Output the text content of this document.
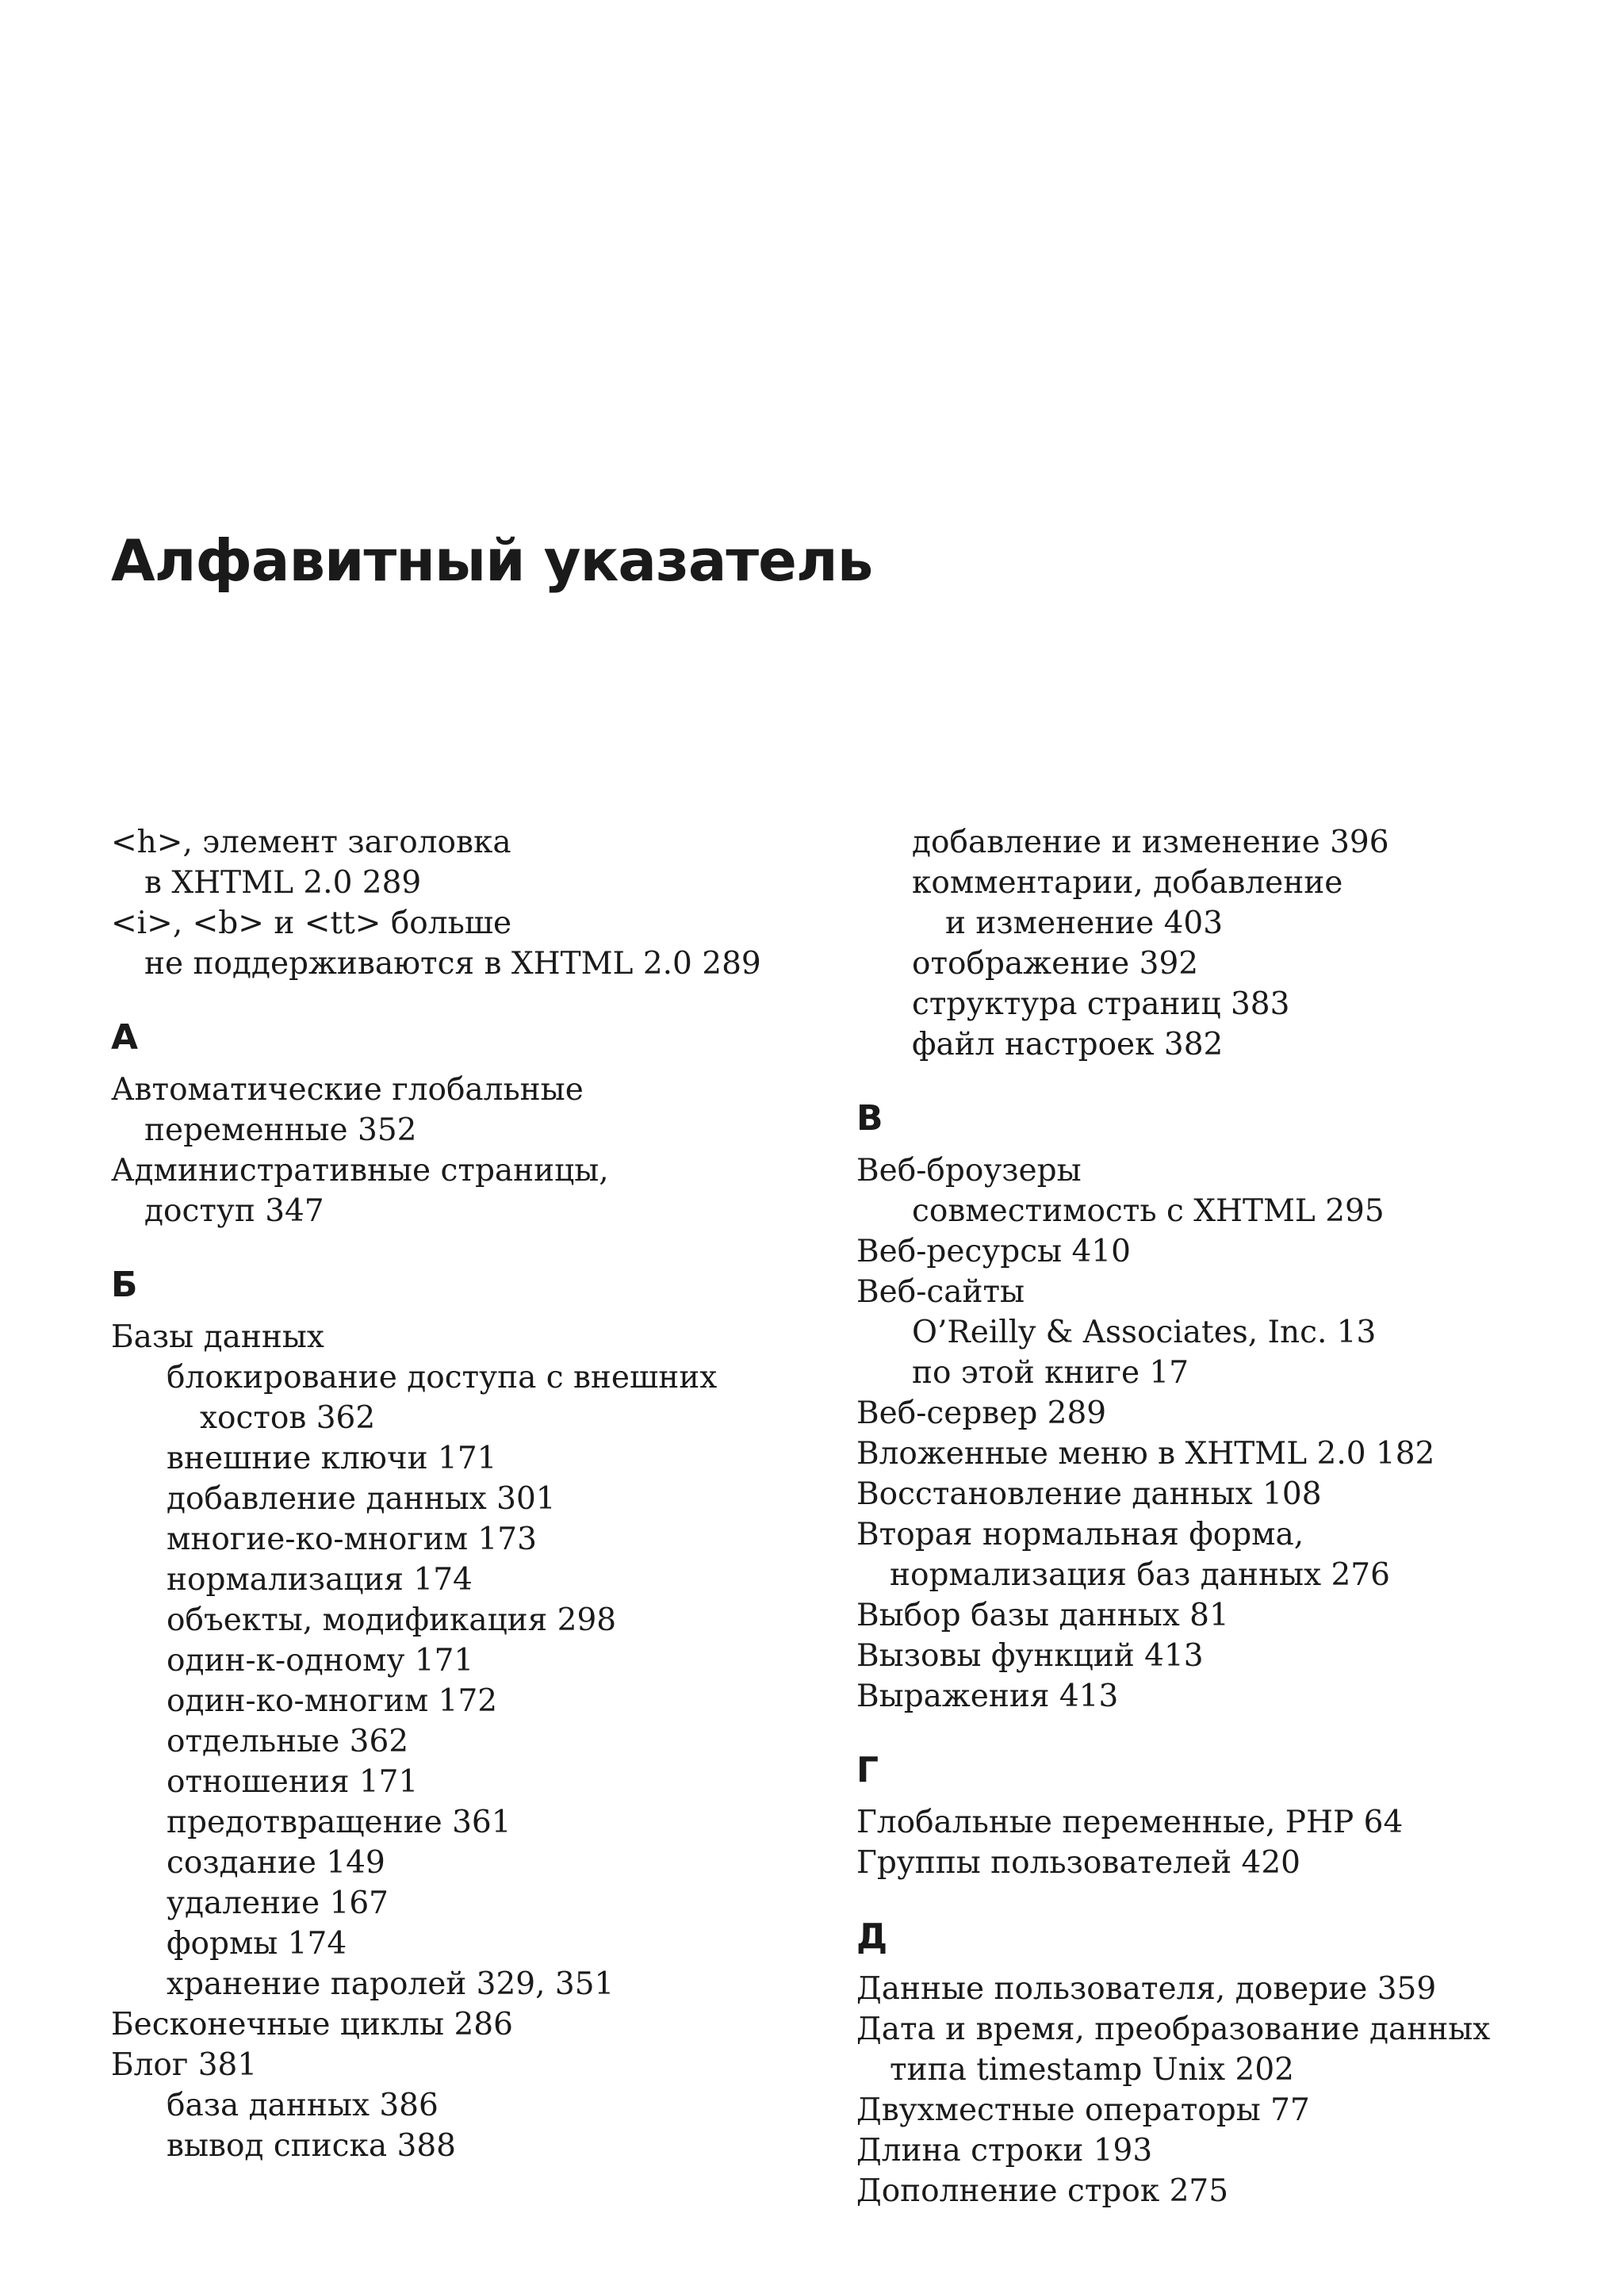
Алфавитный указатель
<h>, элемент заголовка
в XHTML 2.0 289
<i>, <b> и <tt> больше
не поддерживаются в XHTML 2.0 289
А
Автоматические глобальные
переменные 352
Административные страницы,
доступ 347
Б
Базы данных
блокирование доступа с внешних
хостов 362
внешние ключи 171
добавление данных 301
многие-ко-многим 173
нормализация 174
объекты, модификация 298
один-к-одному 171
один-ко-многим 172
отдельные 362
отношения 171
предотвращение 361
создание 149
удаление 167
формы 174
хранение паролей 329, 351
Бесконечные циклы 286
Блог 381
база данных 386
вывод списка 388
добавление и изменение 396
комментарии, добавление
и изменение 403
отображение 392
структура страниц 383
файл настроек 382
В
Веб-броузеры
совместимость с XHTML 295
Веб-ресурсы 410
Веб-сайты
O’Reilly & Associates, Inc. 13
по этой книге 17
Веб-сервер 289
Вложенные меню в XHTML 2.0 182
Восстановление данных 108
Вторая нормальная форма,
нормализация баз данных 276
Выбор базы данных 81
Вызовы функций 413
Выражения 413
Г
Глобальные переменные, PHP 64
Группы пользователей 420
Д
Данные пользователя, доверие 359
Дата и время, преобразование данных
типа timestamp Unix 202
Двухместные операторы 77
Длина строки 193
Дополнение строк 275
